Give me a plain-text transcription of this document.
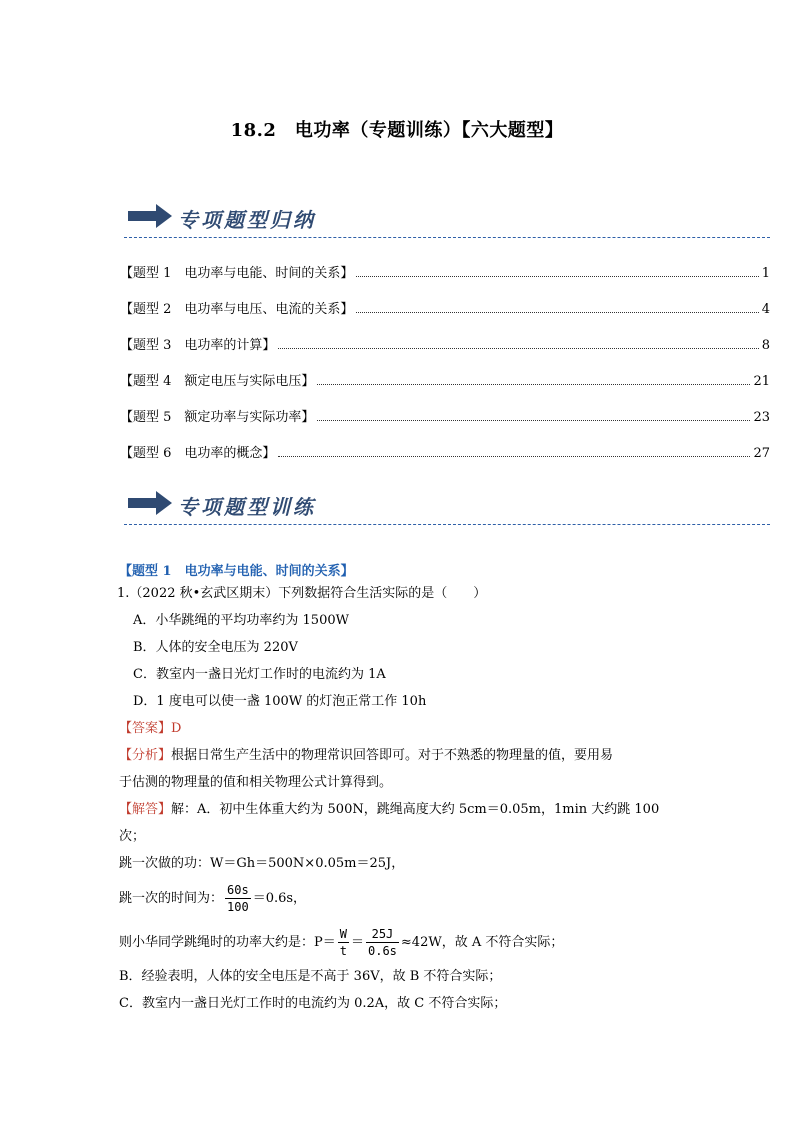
18.2　电功率（专题训练）【六大题型】
专项题型归纳
【题型 1　电功率与电能、时间的关系】	1
【题型 2　电功率与电压、电流的关系】	4
【题型 3　电功率的计算】	8
【题型 4　额定电压与实际电压】	21
【题型 5　额定功率与实际功率】	23
【题型 6　电功率的概念】	27
专项题型训练
【题型 1　电功率与电能、时间的关系】
1.（2022 秋•玄武区期末）下列数据符合生活实际的是（　　）
A．小华跳绳的平均功率约为 1500W
B．人体的安全电压为 220V
C．教室内一盏日光灯工作时的电流约为 1A
D．1 度电可以使一盏 100W 的灯泡正常工作 10h
【答案】D
【分析】根据日常生产生活中的物理常识回答即可。对于不熟悉的物理量的值，要用易
于估测的物理量的值和相关物理公式计算得到。
【解答】解：A．初中生体重大约为 500N，跳绳高度大约 5cm＝0.05m，1min 大约跳 100
次；
跳一次做的功：W＝Gh＝500N×0.05m＝25J，
跳一次的时间为： $\frac{60s}{100} =0.6s$，
则小华同学跳绳时的功率大约是：$P= \frac{W}{t} = \frac{25J}{0.6s} \approx 42W$，故 A 不符合实际；
B．经验表明，人体的安全电压是不高于 36V，故 B 不符合实际；
C．教室内一盏日光灯工作时的电流约为 0.2A，故 C 不符合实际；
